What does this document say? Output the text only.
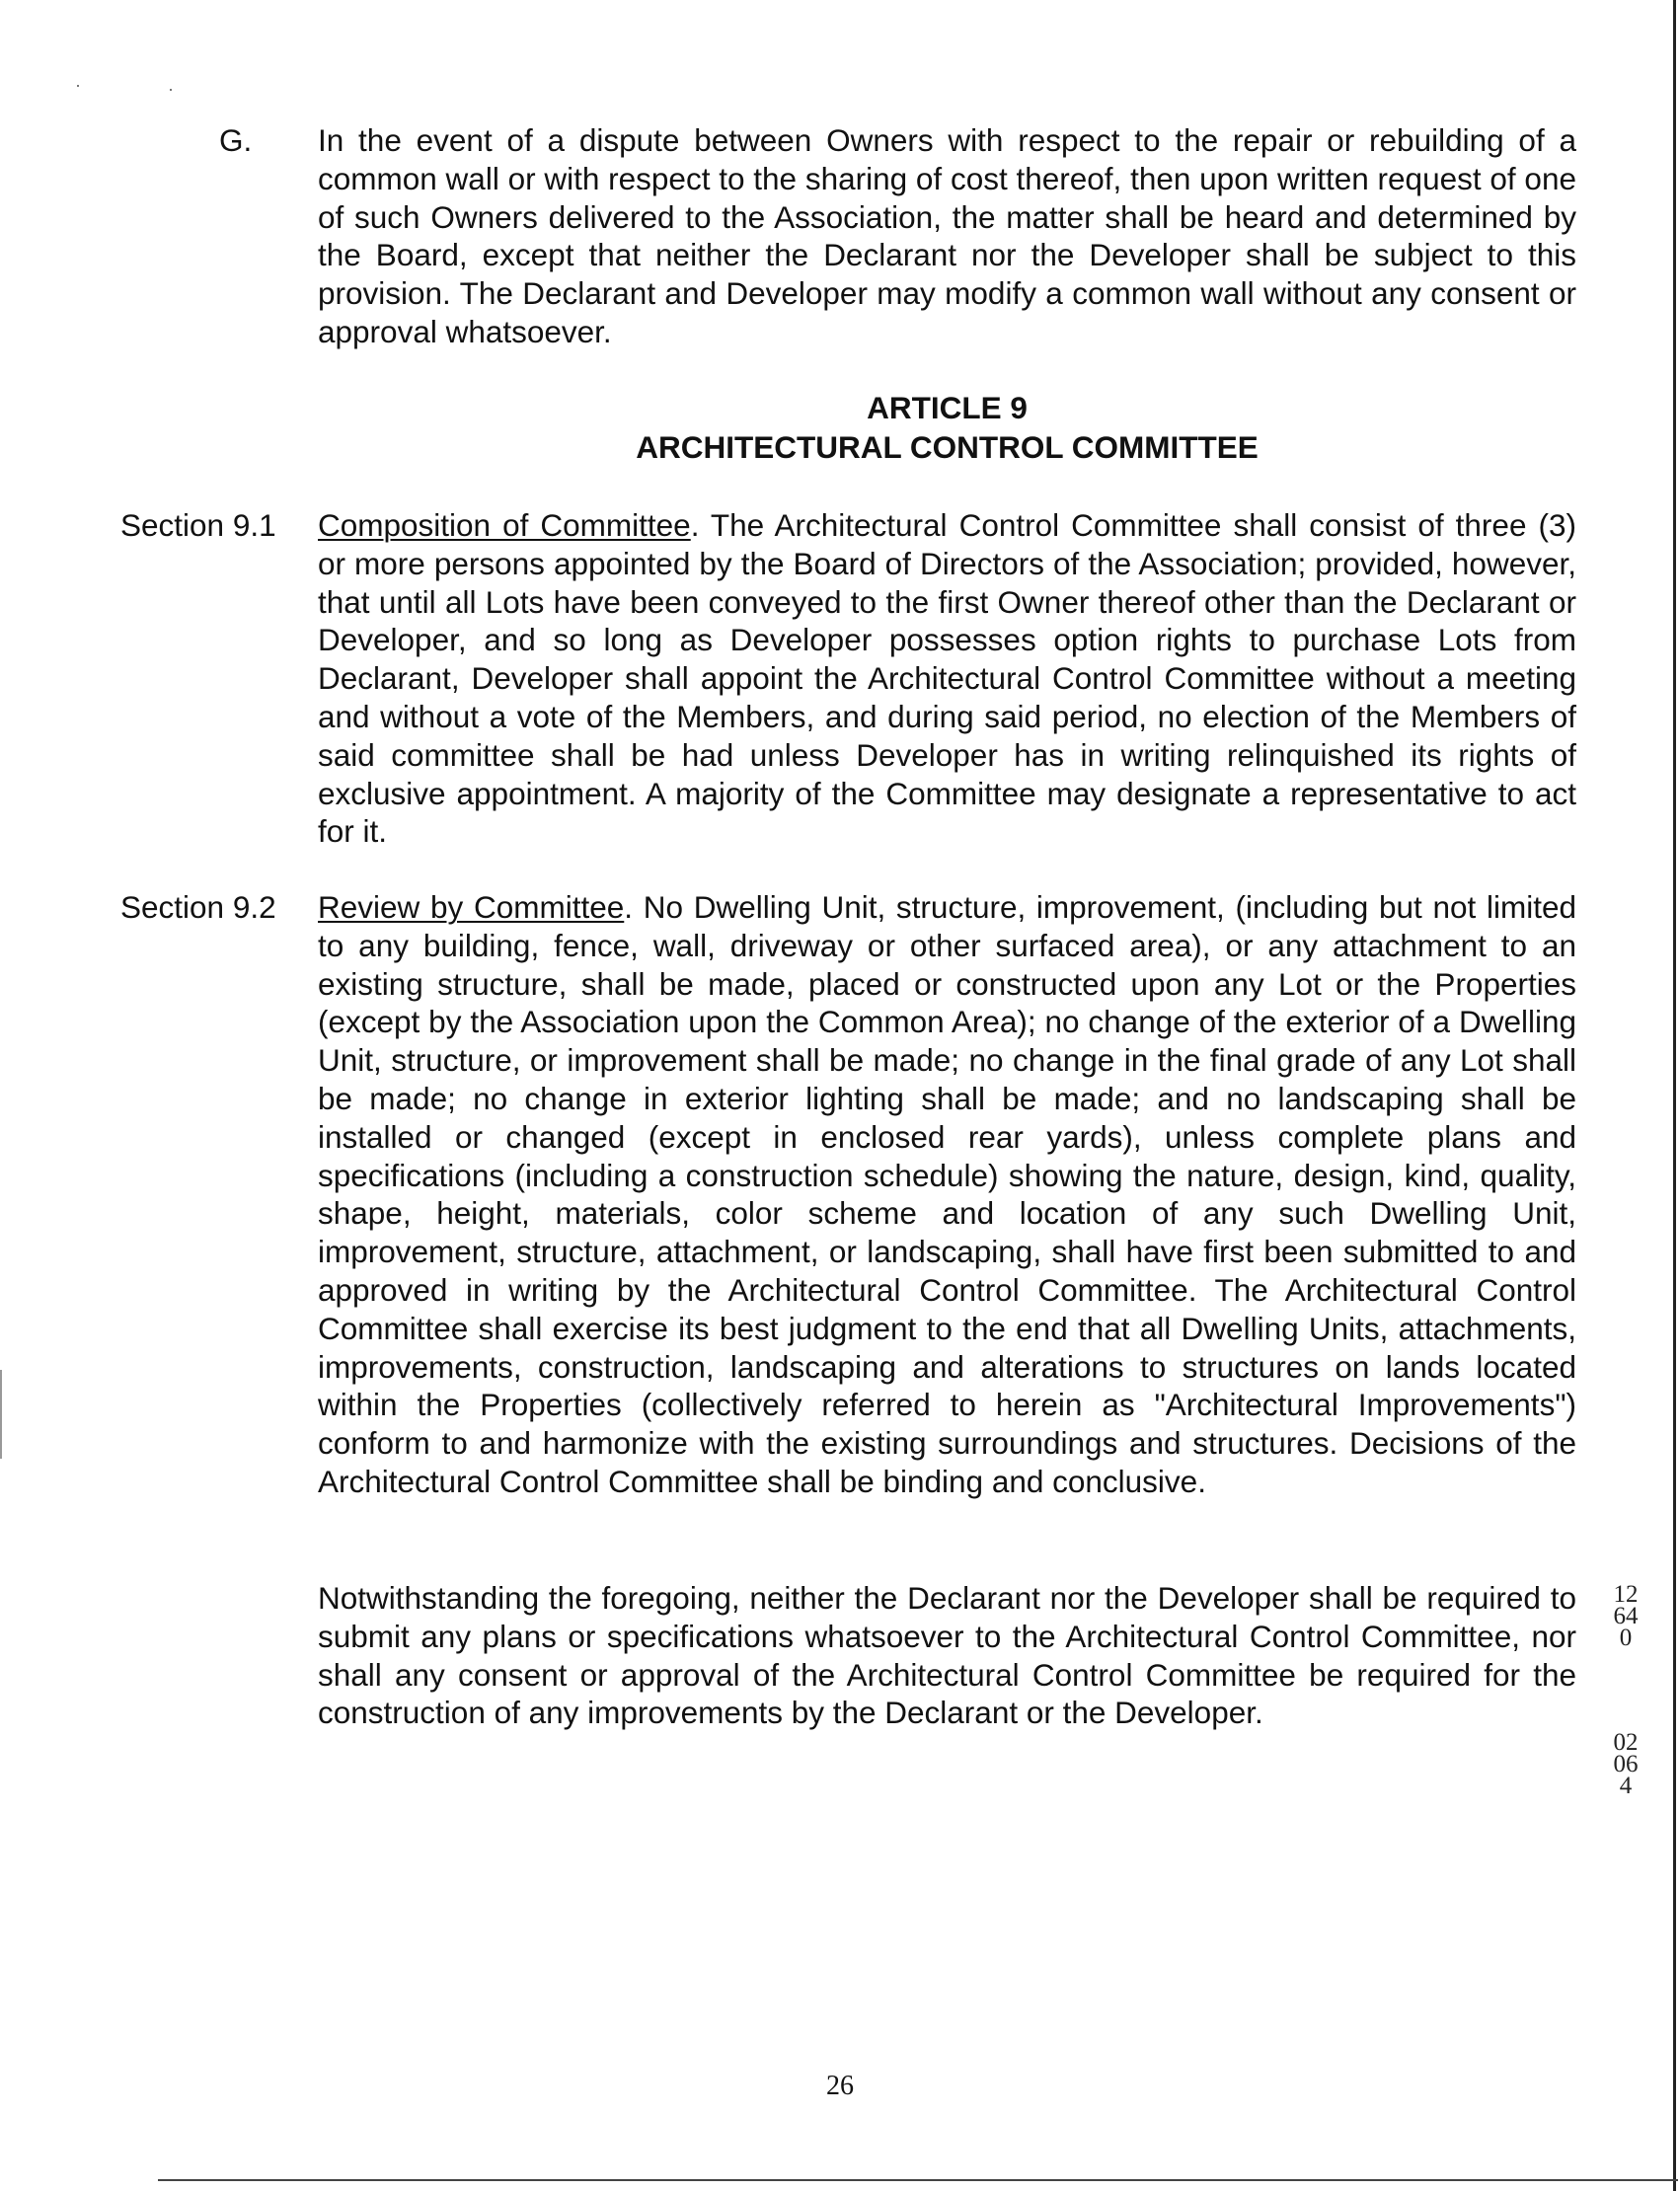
G. In the event of a dispute between Owners with respect to the repair or rebuilding of a common wall or with respect to the sharing of cost thereof, then upon written request of one of such Owners delivered to the Association, the matter shall be heard and determined by the Board, except that neither the Declarant nor the Developer shall be subject to this provision. The Declarant and Developer may modify a common wall without any consent or approval whatsoever.
ARTICLE 9
ARCHITECTURAL CONTROL COMMITTEE
Section 9.1 Composition of Committee. The Architectural Control Committee shall consist of three (3) or more persons appointed by the Board of Directors of the Association; provided, however, that until all Lots have been conveyed to the first Owner thereof other than the Declarant or Developer, and so long as Developer possesses option rights to purchase Lots from Declarant, Developer shall appoint the Architectural Control Committee without a meeting and without a vote of the Members, and during said period, no election of the Members of said committee shall be had unless Developer has in writing relinquished its rights of exclusive appointment. A majority of the Committee may designate a representative to act for it.
Section 9.2 Review by Committee. No Dwelling Unit, structure, improvement, (including but not limited to any building, fence, wall, driveway or other surfaced area), or any attachment to an existing structure, shall be made, placed or constructed upon any Lot or the Properties (except by the Association upon the Common Area); no change of the exterior of a Dwelling Unit, structure, or improvement shall be made; no change in the final grade of any Lot shall be made; no change in exterior lighting shall be made; and no landscaping shall be installed or changed (except in enclosed rear yards), unless complete plans and specifications (including a construction schedule) showing the nature, design, kind, quality, shape, height, materials, color scheme and location of any such Dwelling Unit, improvement, structure, attachment, or landscaping, shall have first been submitted to and approved in writing by the Architectural Control Committee. The Architectural Control Committee shall exercise its best judgment to the end that all Dwelling Units, attachments, improvements, construction, landscaping and alterations to structures on lands located within the Properties (collectively referred to herein as "Architectural Improvements") conform to and harmonize with the existing surroundings and structures. Decisions of the Architectural Control Committee shall be binding and conclusive.
Notwithstanding the foregoing, neither the Declarant nor the Developer shall be required to submit any plans or specifications whatsoever to the Architectural Control Committee, nor shall any consent or approval of the Architectural Control Committee be required for the construction of any improvements by the Declarant or the Developer.
12640
02064
26
